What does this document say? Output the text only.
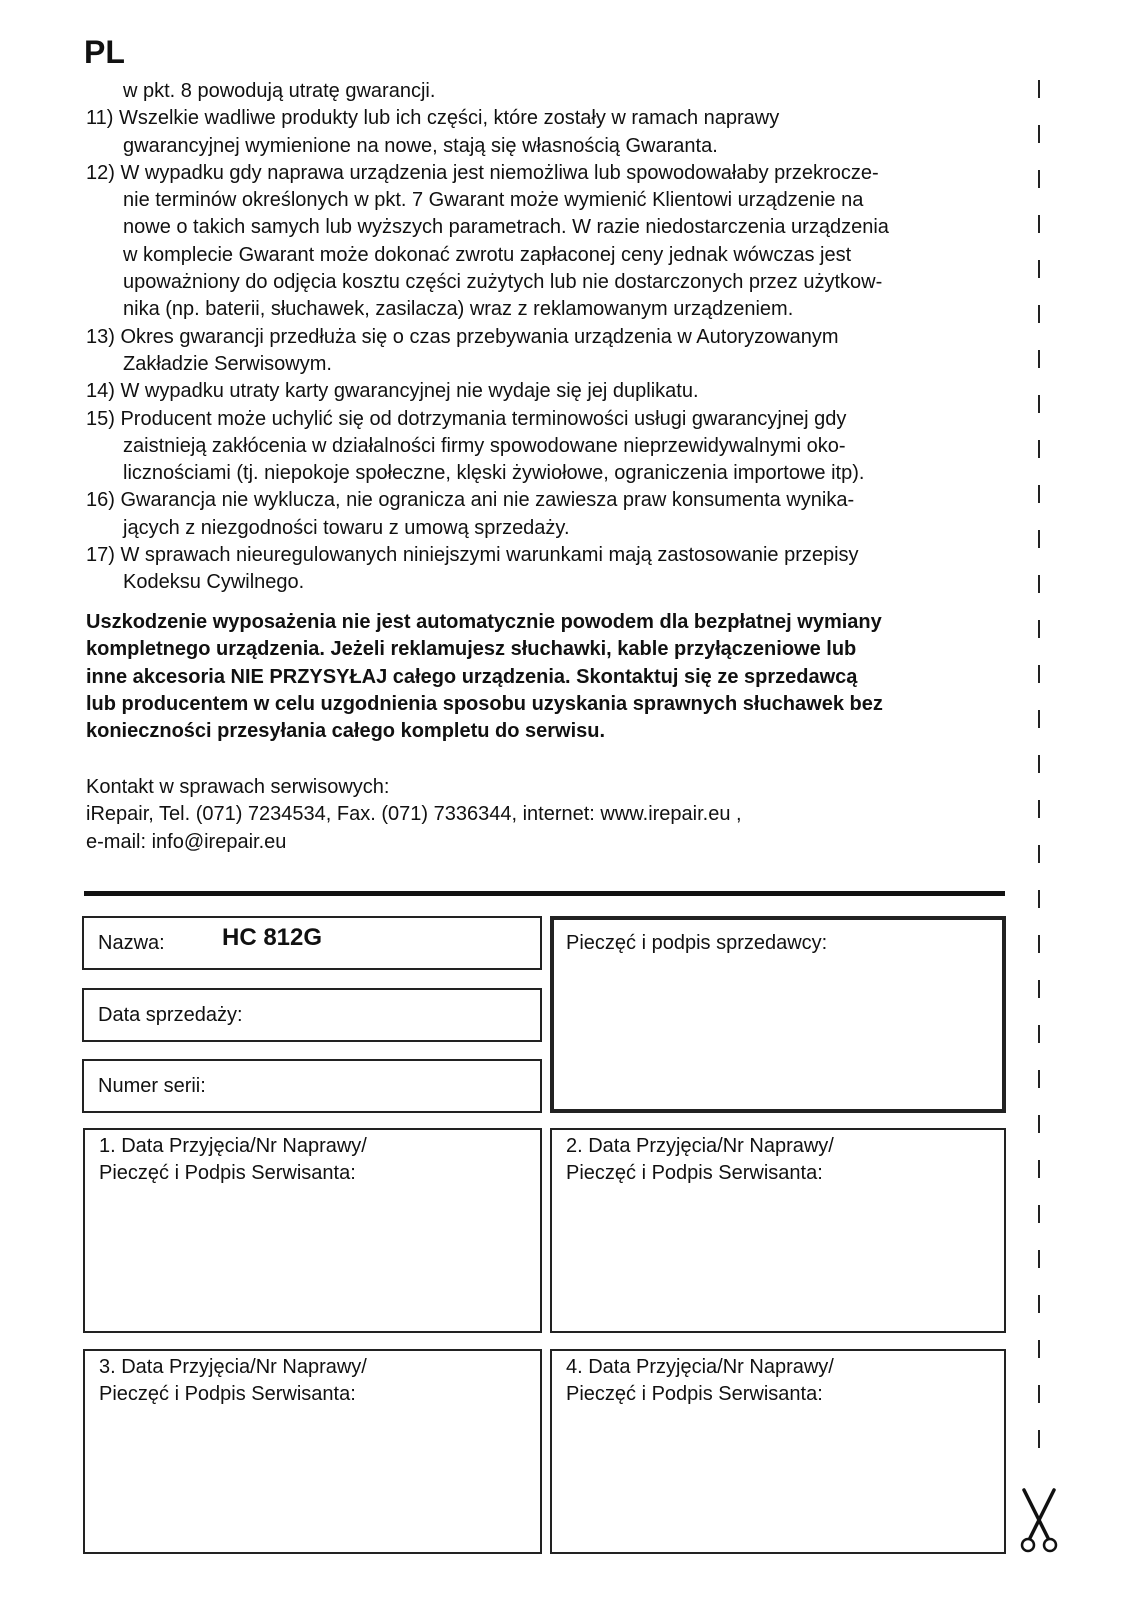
PL
w pkt. 8 powodują utratę gwarancji.
11) Wszelkie wadliwe produkty lub ich części, które zostały w ramach naprawy
gwarancyjnej wymienione na nowe, stają się własnością Gwaranta.
12) W wypadku gdy naprawa urządzenia jest niemożliwa lub spowodowałaby przekrocze-
nie terminów określonych w pkt. 7 Gwarant może wymienić Klientowi urządzenie na
nowe o takich samych lub wyższych parametrach. W razie niedostarczenia urządzenia
w komplecie Gwarant może dokonać zwrotu zapłaconej ceny jednak wówczas jest
upoważniony do odjęcia kosztu części zużytych lub nie dostarczonych przez użytkow-
nika (np. baterii, słuchawek, zasilacza) wraz z reklamowanym urządzeniem.
13) Okres gwarancji przedłuża się o czas przebywania urządzenia w Autoryzowanym
Zakładzie Serwisowym.
14) W wypadku utraty karty gwarancyjnej nie wydaje się jej duplikatu.
15) Producent może uchylić się od dotrzymania terminowości usługi gwarancyjnej gdy
zaistnieją zakłócenia w działalności firmy spowodowane nieprzewidywalnymi oko-
licznościami (tj. niepokoje społeczne, klęski żywiołowe, ograniczenia importowe itp).
16) Gwarancja nie wyklucza, nie ogranicza ani nie zawiesza praw konsumenta wynika-
jących z niezgodności towaru z umową sprzedaży.
17) W sprawach nieuregulowanych niniejszymi warunkami mają zastosowanie przepisy
Kodeksu Cywilnego.
Uszkodzenie wyposażenia nie jest automatycznie powodem dla bezpłatnej wymiany
kompletnego urządzenia. Jeżeli reklamujesz słuchawki, kable przyłączeniowe lub
inne akcesoria NIE PRZYSYŁAJ całego urządzenia. Skontaktuj się ze sprzedawcą
lub producentem w celu uzgodnienia sposobu uzyskania sprawnych słuchawek bez
konieczności przesyłania całego kompletu do serwisu.
Kontakt w sprawach serwisowych:
iRepair, Tel. (071) 7234534, Fax. (071) 7336344, internet: www.irepair.eu ,
e-mail: info@irepair.eu
Nazwa: HC 812G
Data sprzedaży:
Numer serii:
Pieczęć i podpis sprzedawcy:
1. Data Przyjęcia/Nr Naprawy/
Pieczęć i Podpis Serwisanta:
2. Data Przyjęcia/Nr Naprawy/
Pieczęć i Podpis Serwisanta:
3. Data Przyjęcia/Nr Naprawy/
Pieczęć i Podpis Serwisanta:
4. Data Przyjęcia/Nr Naprawy/
Pieczęć i Podpis Serwisanta:
